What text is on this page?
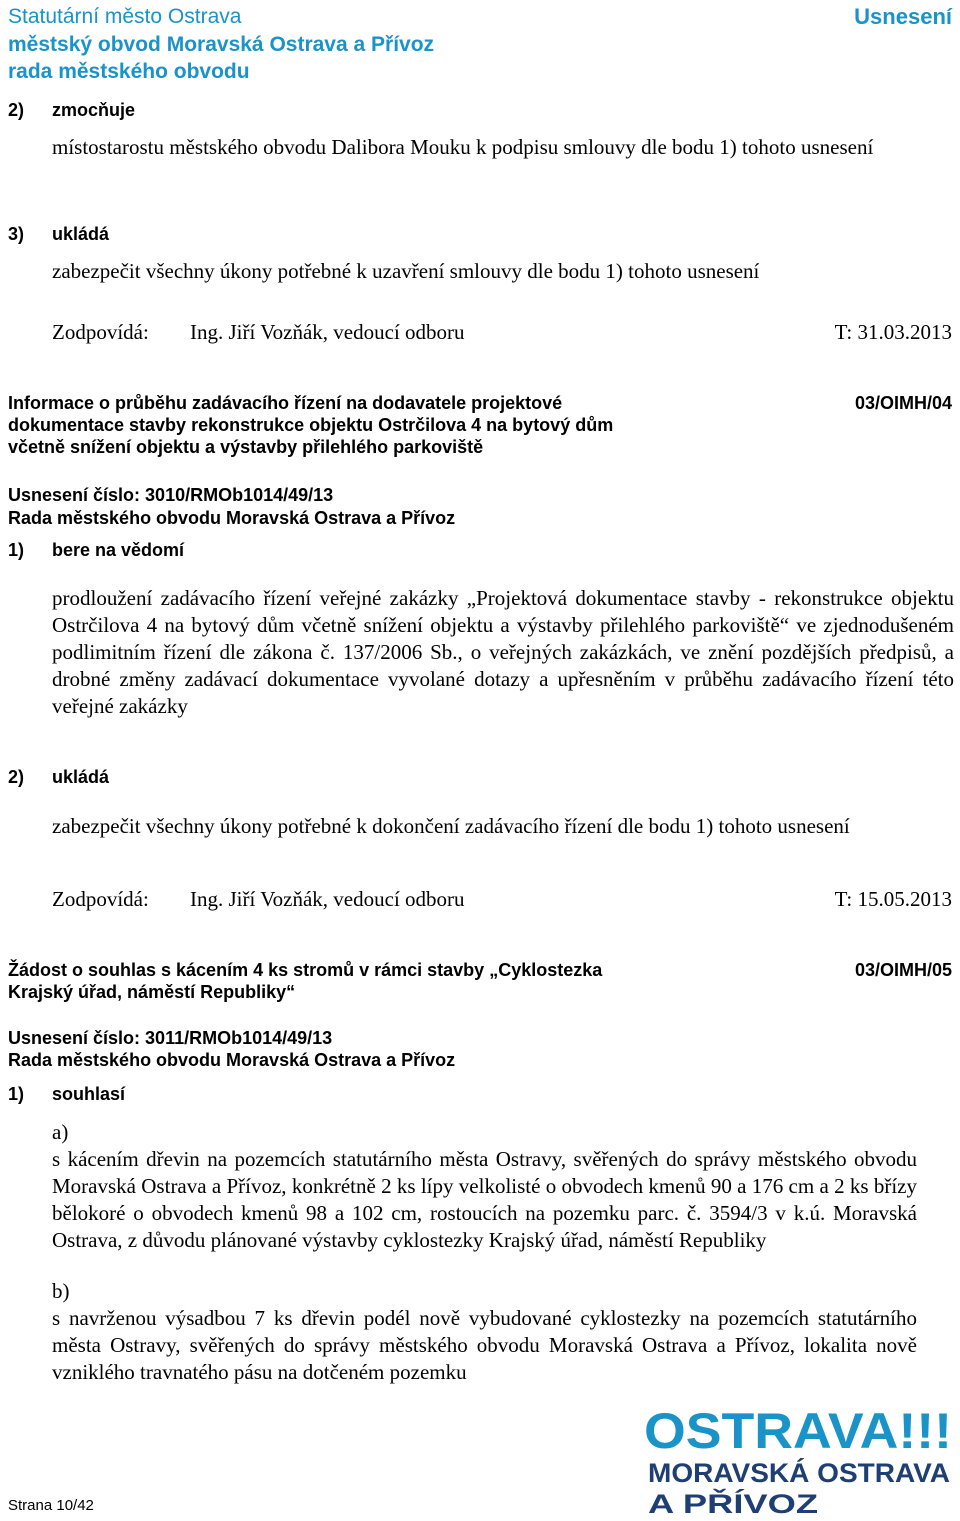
Statutární město Ostrava
městský obvod Moravská Ostrava a Přívoz
rada městského obvodu
Usnesení
2) zmocňuje
místostarostu městského obvodu Dalibora Mouku k podpisu smlouvy dle bodu 1) tohoto usnesení
3) ukládá
zabezpečit všechny úkony potřebné k uzavření smlouvy dle bodu 1) tohoto usnesení
Zodpovídá: Ing. Jiří Vozňák, vedoucí odboru	T: 31.03.2013
Informace o průběhu zadávacího řízení na dodavatele projektové
dokumentace stavby rekonstrukce objektu Ostrčilova 4 na bytový dům
včetně snížení objektu a výstavby přilehlého parkoviště
03/OIMH/04
Usnesení číslo: 3010/RMOb1014/49/13
Rada městského obvodu Moravská Ostrava a Přívoz
1) bere na vědomí
prodloužení zadávacího řízení veřejné zakázky „Projektová dokumentace stavby - rekonstrukce objektu Ostrčilova 4 na bytový dům včetně snížení objektu a výstavby přilehlého parkoviště“ ve zjednodušeném podlimitním řízení dle zákona č. 137/2006 Sb., o veřejných zakázkách, ve znění pozdějších předpisů, a drobné změny zadávací dokumentace vyvolané dotazy a upřesněním v průběhu zadávacího řízení této veřejné zakázky
2) ukládá
zabezpečit všechny úkony potřebné k dokončení zadávacího řízení dle bodu 1) tohoto usnesení
Zodpovídá: Ing. Jiří Vozňák, vedoucí odboru	T: 15.05.2013
Žádost o souhlas s kácením 4 ks stromů v rámci stavby „Cyklostezka
Krajský úřad, náměstí Republiky“
03/OIMH/05
Usnesení číslo: 3011/RMOb1014/49/13
Rada městského obvodu Moravská Ostrava a Přívoz
1) souhlasí
a)s kácením dřevin na pozemcích statutárního města Ostravy, svěřených do správy městského obvodu Moravská Ostrava a Přívoz, konkrétně 2 ks lípy velkolisté o obvodech kmenů 90 a 176 cm a 2 ks břízy bělokoré o obvodech kmenů 98 a 102 cm, rostoucích na pozemku parc. č. 3594/3 v k.ú. Moravská Ostrava, z důvodu plánované výstavby cyklostezky Krajský úřad, náměstí Republiky
b)s navrženou výsadbou 7 ks dřevin podél nově vybudované cyklostezky na pozemcích statutárního města Ostravy, svěřených do správy městského obvodu Moravská Ostrava a Přívoz, lokalita nově vzniklého travnatého pásu na dotčeném pozemku
Strana 10/42
OSTRAVA!!!
MORAVSKÁ OSTRAVA
A PŘÍVOZ
